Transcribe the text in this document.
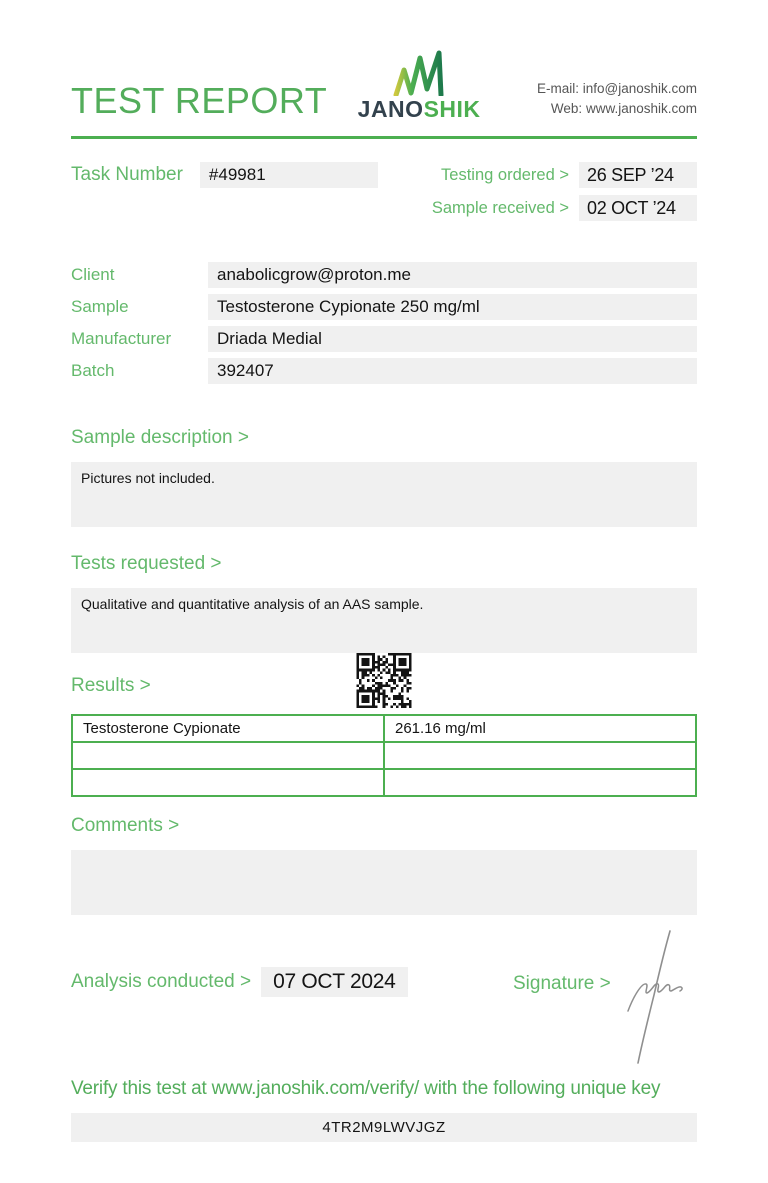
TEST REPORT JANOSHIK
E-mail: info@janoshik.com
Web: www.janoshik.com
Task Number	#49981	Testing ordered >	26 SEP ’24
Sample received >	02 OCT ’24
Client	anabolicgrow@proton.me
Sample	Testosterone Cypionate 250 mg/ml
Manufacturer	Driada Medial
Batch	392407
Sample description >
Pictures not included.
Tests requested >
Qualitative and quantitative analysis of an AAS sample.
Results >
Testosterone Cypionate	261.16 mg/ml

Comments >
Analysis conducted >	07 OCT 2024	Signature >
Verify this test at www.janoshik.com/verify/ with the following unique key
4TR2M9LWVJGZ
